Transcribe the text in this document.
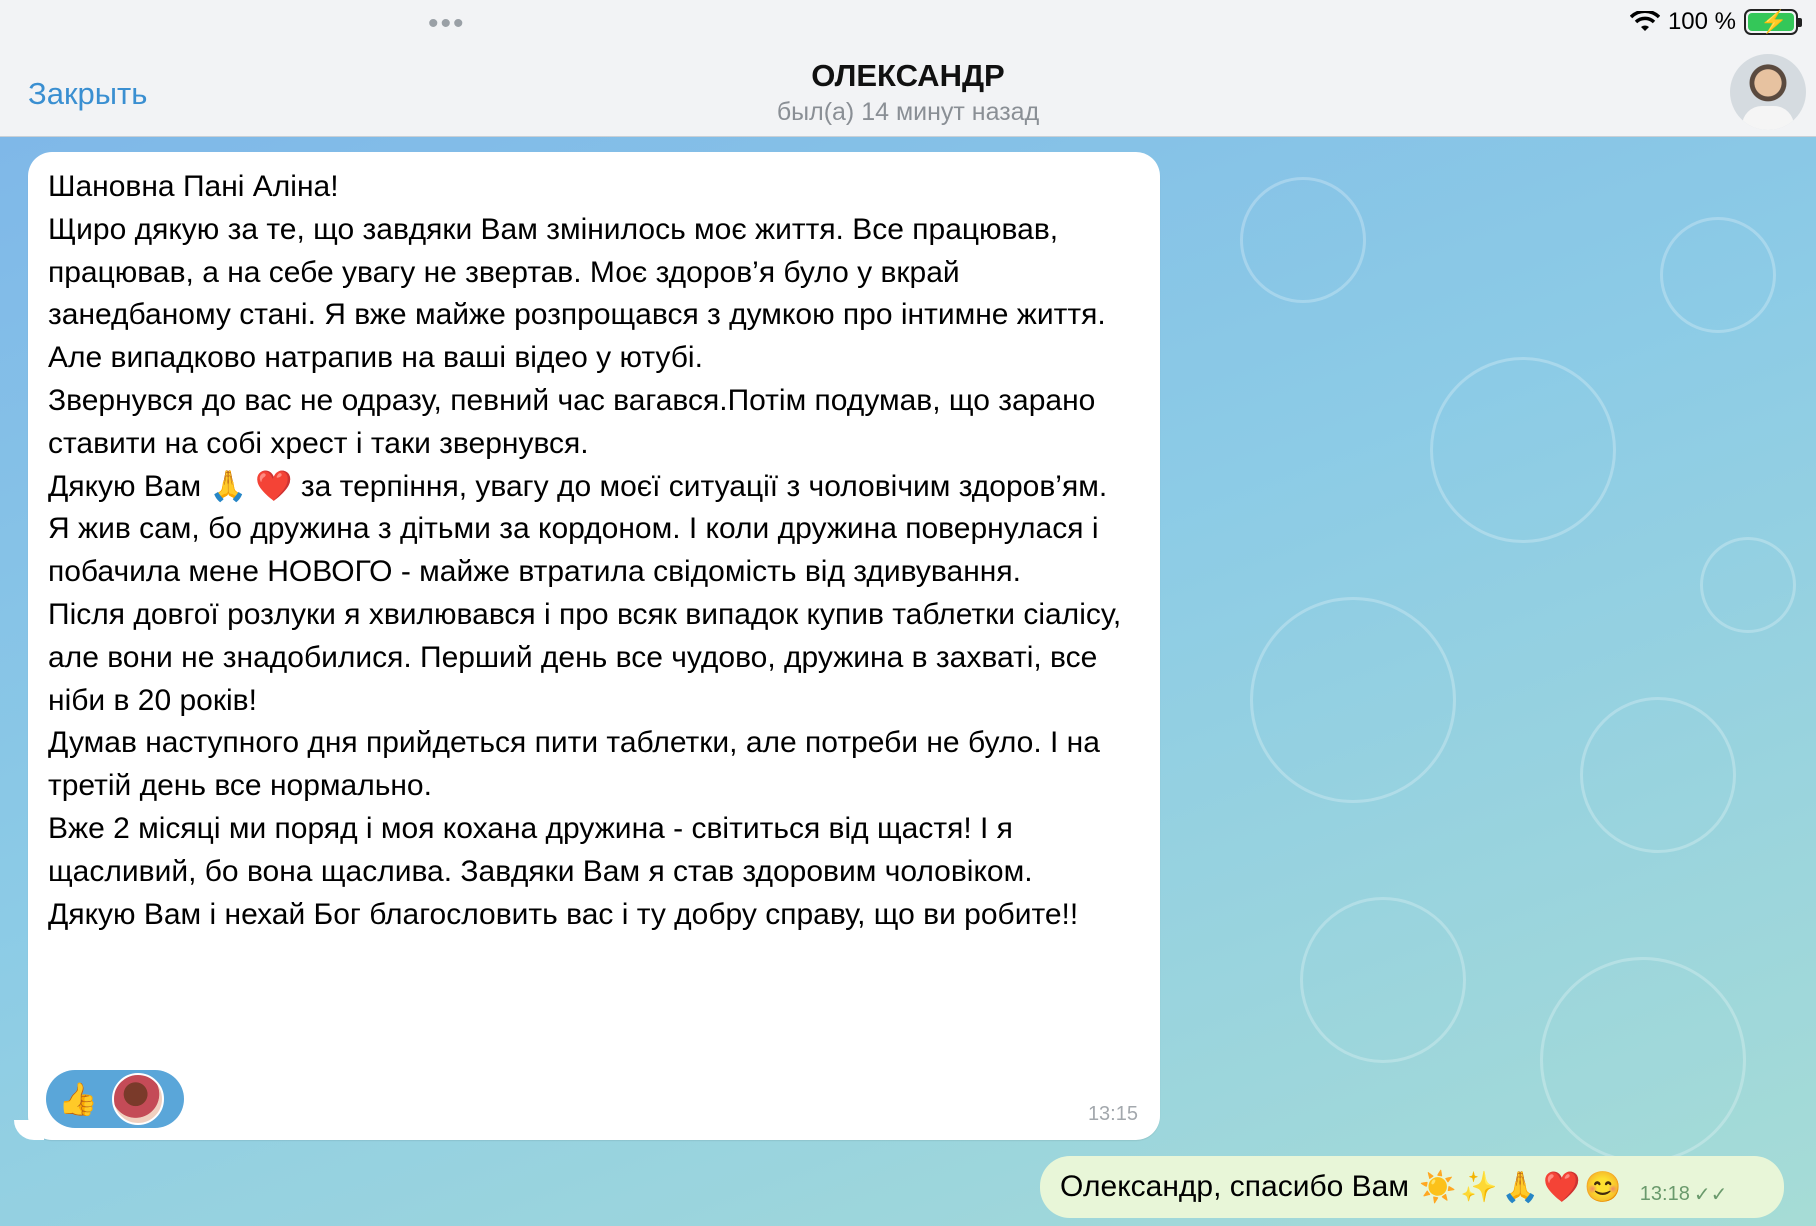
•••	100 % ⚡
Закрыть
ОЛЕКСАНДР
был(а) 14 минут назад
Шановна Пані Аліна!
Щиро дякую за те, що завдяки Вам змінилось моє життя. Все працював, працював, а на себе увагу не звертав. Моє здоров’я було у вкрай занедбаному стані. Я вже майже розпрощався з думкою про інтимне життя. Але випадково натрапив на ваші відео у ютубі.
Звернувся до вас не одразу, певний час вагався.Потім подумав, що зарано ставити на собі хрест і таки звернувся.
Дякую Вам 🙏 ❤️ за терпіння, увагу до моєї ситуації з чоловічим здоров’ям.
Я жив сам, бо дружина з дітьми за кордоном. І коли дружина повернулася і побачила мене НОВОГО - майже втратила свідомість від здивування.
Після довгої розлуки я хвилювався і про всяк випадок купив таблетки сіалісу, але вони не знадобилися. Перший день все чудово, дружина в захваті, все ніби в 20 років!
Думав наступного дня прийдеться пити таблетки, але потреби не було. І на третій день все нормально.
Вже 2 місяці ми поряд і моя кохана дружина - світиться від щастя! І я щасливий, бо вона щаслива. Завдяки Вам я став здоровим чоловіком.
Дякую Вам і нехай Бог благословить вас і ту добру справу, що ви робите!!
👍	13:15
Олександр, спасибо Вам ☀️✨🙏❤️😊 13:18 ✓✓
